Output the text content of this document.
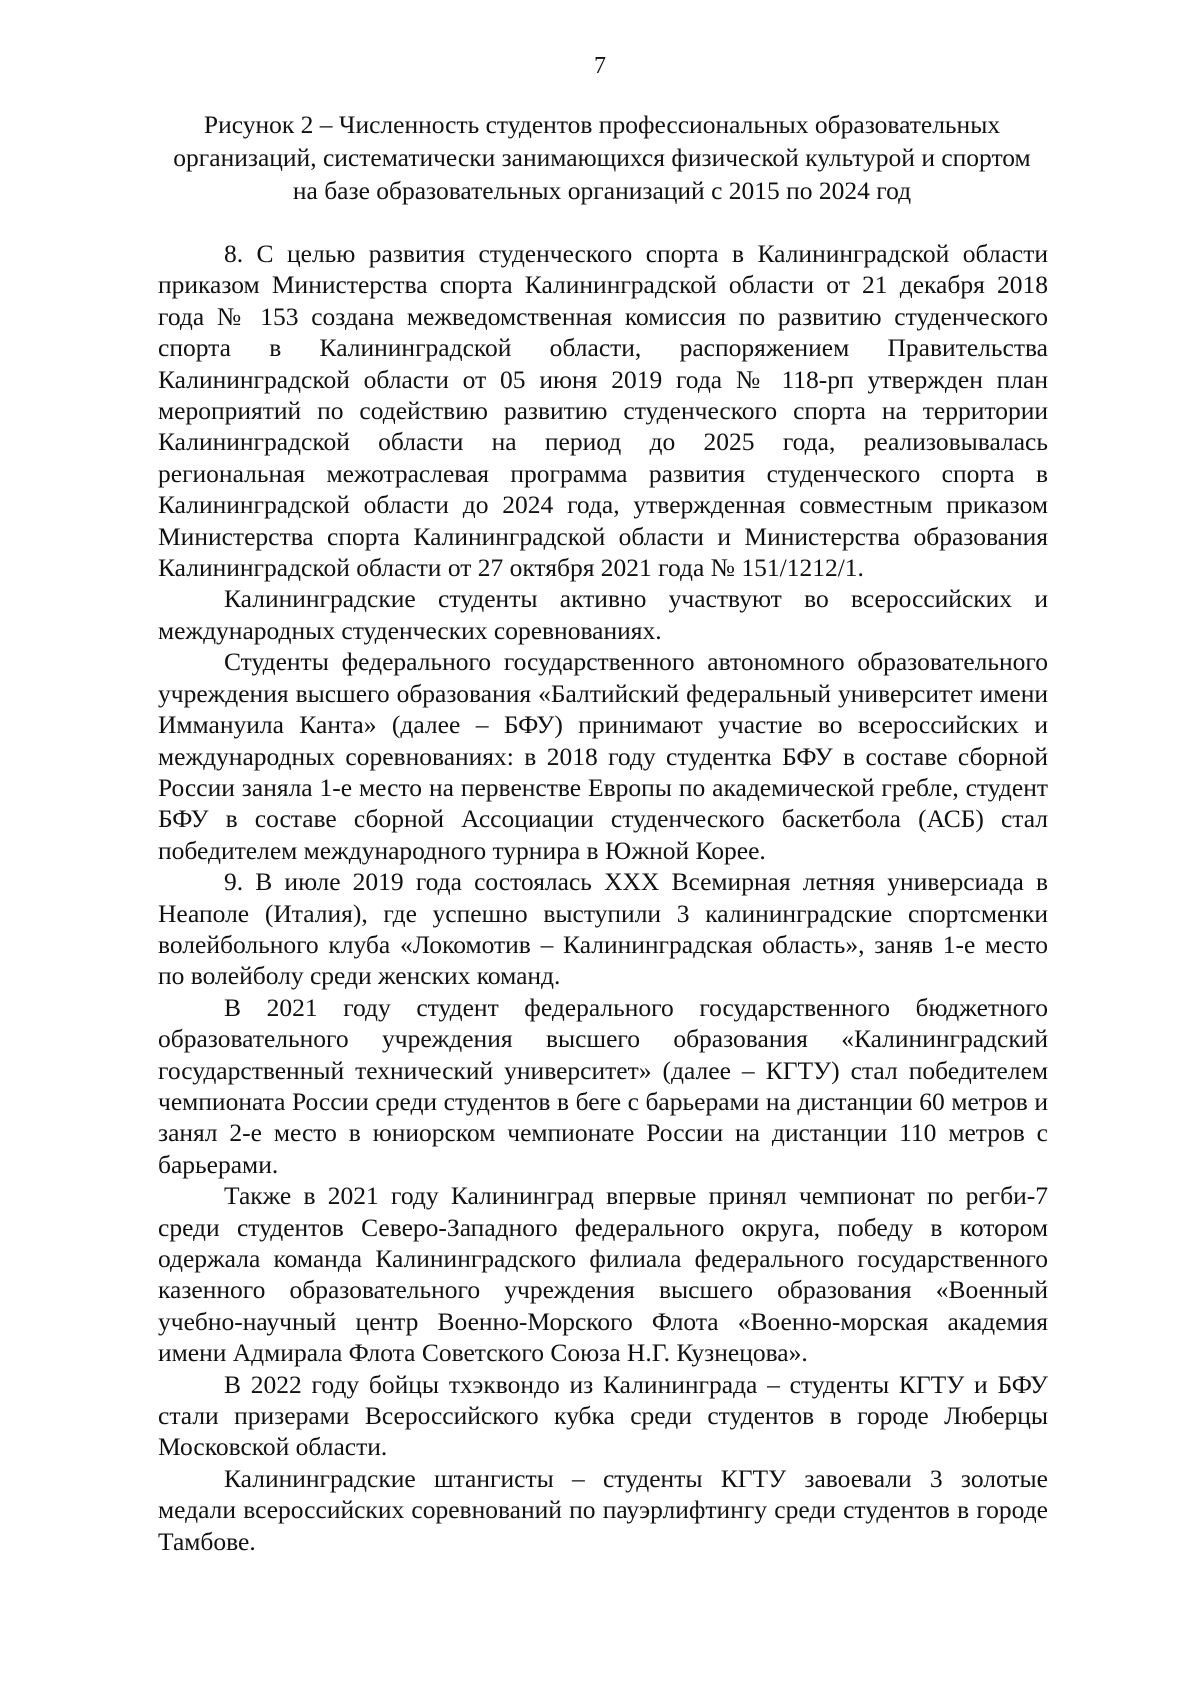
7
Рисунок 2 – Численность студентов профессиональных образовательных организаций, систематически занимающихся физической культурой и спортом на базе образовательных организаций с 2015 по 2024 год

8. С целью развития студенческого спорта в Калининградской области приказом Министерства спорта Калининградской области от 21 декабря 2018 года № 153 создана межведомственная комиссия по развитию студенческого спорта в Калининградской области, распоряжением Правительства Калининградской области от 05 июня 2019 года № 118-рп утвержден план мероприятий по содействию развитию студенческого спорта на территории Калининградской области на период до 2025 года, реализовывалась региональная межотраслевая программа развития студенческого спорта в Калининградской области до 2024 года, утвержденная совместным приказом Министерства спорта Калининградской области и Министерства образования Калининградской области от 27 октября 2021 года № 151/1212/1.

Калининградские студенты активно участвуют во всероссийских и международных студенческих соревнованиях.

Студенты федерального государственного автономного образовательного учреждения высшего образования «Балтийский федеральный университет имени Иммануила Канта» (далее – БФУ) принимают участие во всероссийских и международных соревнованиях: в 2018 году студентка БФУ в составе сборной России заняла 1-е место на первенстве Европы по академической гребле, студент БФУ в составе сборной Ассоциации студенческого баскетбола (АСБ) стал победителем международного турнира в Южной Корее.

9. В июле 2019 года состоялась XXX Всемирная летняя универсиада в Неаполе (Италия), где успешно выступили 3 калининградские спортсменки волейбольного клуба «Локомотив – Калининградская область», заняв 1-е место по волейболу среди женских команд.

В 2021 году студент федерального государственного бюджетного образовательного учреждения высшего образования «Калининградский государственный технический университет» (далее – КГТУ) стал победителем чемпионата России среди студентов в беге с барьерами на дистанции 60 метров и занял 2-е место в юниорском чемпионате России на дистанции 110 метров с барьерами.

Также в 2021 году Калининград впервые принял чемпионат по регби-7 среди студентов Северо-Западного федерального округа, победу в котором одержала команда Калининградского филиала федерального государственного казенного образовательного учреждения высшего образования «Военный учебно-научный центр Военно-Морского Флота «Военно-морская академия имени Адмирала Флота Советского Союза Н.Г. Кузнецова».

В 2022 году бойцы тхэквондо из Калининграда – студенты КГТУ и БФУ стали призерами Всероссийского кубка среди студентов в городе Люберцы Московской области.

Калининградские штангисты – студенты КГТУ завоевали 3 золотые медали всероссийских соревнований по пауэрлифтингу среди студентов в городе Тамбове.
